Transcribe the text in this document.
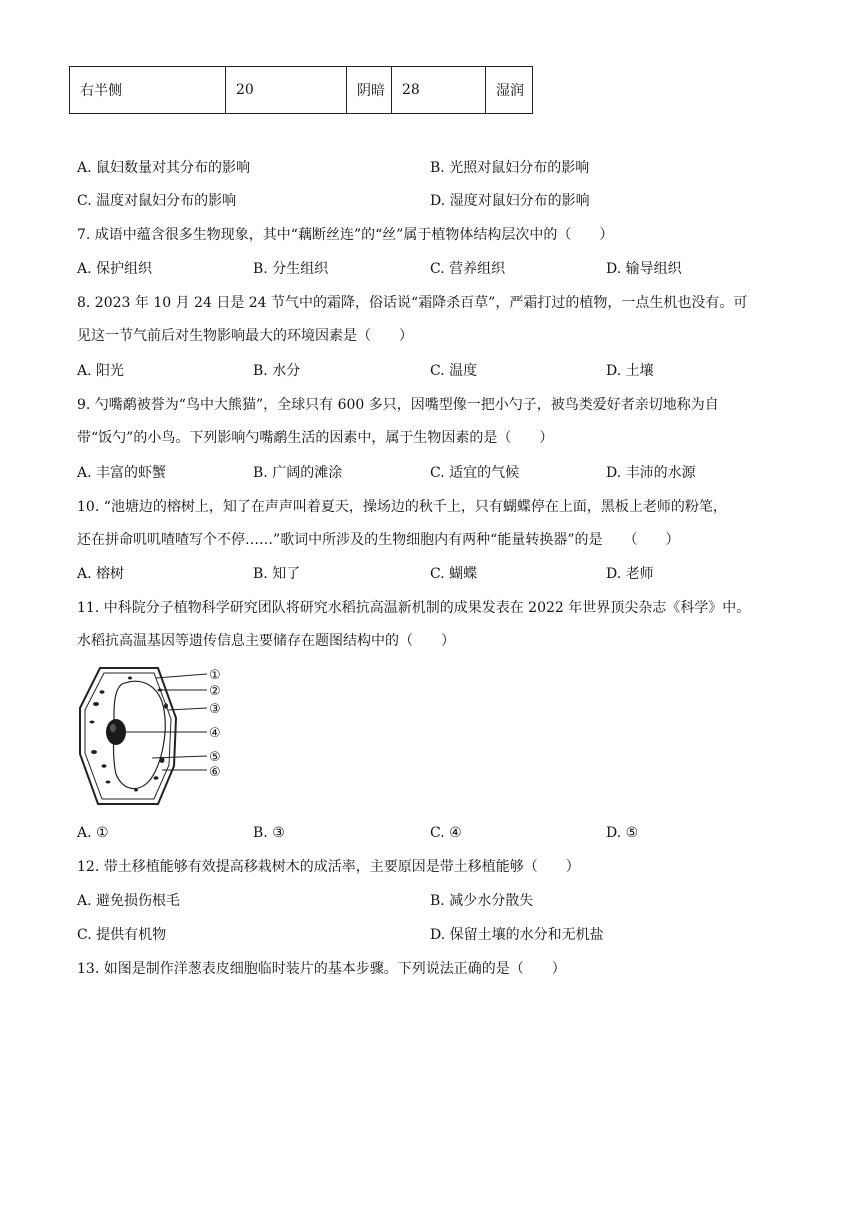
右半侧	20	阴暗	28	湿润
A. 鼠妇数量对其分布的影响	B. 光照对鼠妇分布的影响
C. 温度对鼠妇分布的影响	D. 湿度对鼠妇分布的影响
7. 成语中蕴含很多生物现象，其中“藕断丝连”的“丝”属于植物体结构层次中的（　　）
A. 保护组织	B. 分生组织	C. 营养组织	D. 输导组织
8. 2023 年 10 月 24 日是 24 节气中的霜降，俗话说“霜降杀百草”，严霜打过的植物，一点生机也没有。可
见这一节气前后对生物影响最大的环境因素是（　　）
A. 阳光	B. 水分	C. 温度	D. 土壤
9. 勺嘴鹬被誉为“鸟中大熊猫”，全球只有 600 多只，因嘴型像一把小勺子，被鸟类爱好者亲切地称为自
带“饭勺”的小鸟。下列影响勺嘴鹬生活的因素中，属于生物因素的是（　　）
A. 丰富的虾蟹	B. 广阔的滩涂	C. 适宜的气候	D. 丰沛的水源
10. “池塘边的榕树上，知了在声声叫着夏天，操场边的秋千上，只有蝴蝶停在上面，黑板上老师的粉笔，
还在拼命叽叽喳喳写个不停……”歌词中所涉及的生物细胞内有两种“能量转换器”的是　　（　　）
A. 榕树	B. 知了	C. 蝴蝶	D. 老师
11. 中科院分子植物科学研究团队将研究水稻抗高温新机制的成果发表在 2022 年世界顶尖杂志《科学》中。
水稻抗高温基因等遗传信息主要储存在题图结构中的（　　）
①
②
③
④
⑤
⑥
A. ①	B. ③	C. ④	D. ⑤
12. 带土移植能够有效提高移栽树木的成活率，主要原因是带土移植能够（　　）
A. 避免损伤根毛	B. 减少水分散失
C. 提供有机物	D. 保留土壤的水分和无机盐
13. 如图是制作洋葱表皮细胞临时装片的基本步骤。下列说法正确的是（　　）
